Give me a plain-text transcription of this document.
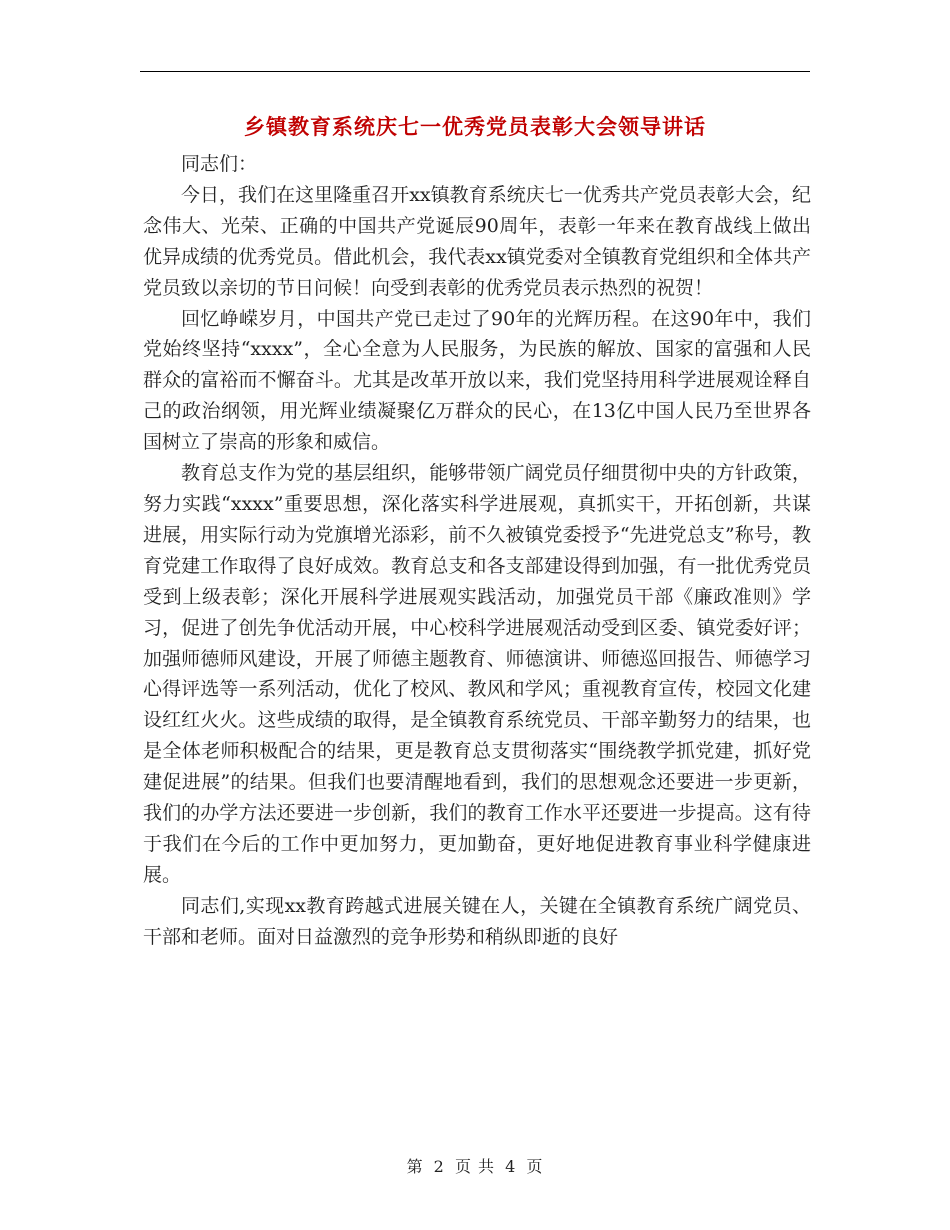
乡镇教育系统庆七一优秀党员表彰大会领导讲话

同志们：

今日，我们在这里隆重召开xx镇教育系统庆七一优秀共产党员表彰大会，纪念伟大、光荣、正确的中国共产党诞辰90周年，表彰一年来在教育战线上做出优异成绩的优秀党员。借此机会，我代表xx镇党委对全镇教育党组织和全体共产党员致以亲切的节日问候！向受到表彰的优秀党员表示热烈的祝贺！

回忆峥嵘岁月，中国共产党已走过了90年的光辉历程。在这90年中，我们党始终坚持“xxxx”，全心全意为人民服务，为民族的解放、国家的富强和人民群众的富裕而不懈奋斗。尤其是改革开放以来，我们党坚持用科学进展观诠释自己的政治纲领，用光辉业绩凝聚亿万群众的民心，在13亿中国人民乃至世界各国树立了崇高的形象和威信。

教育总支作为党的基层组织，能够带领广阔党员仔细贯彻中央的方针政策，努力实践“xxxx”重要思想，深化落实科学进展观，真抓实干，开拓创新，共谋进展，用实际行动为党旗增光添彩，前不久被镇党委授予“先进党总支”称号，教育党建工作取得了良好成效。教育总支和各支部建设得到加强，有一批优秀党员受到上级表彰；深化开展科学进展观实践活动，加强党员干部《廉政准则》学习，促进了创先争优活动开展，中心校科学进展观活动受到区委、镇党委好评；加强师德师风建设，开展了师德主题教育、师德演讲、师德巡回报告、师德学习心得评选等一系列活动，优化了校风、教风和学风；重视教育宣传，校园文化建设红红火火。这些成绩的取得，是全镇教育系统党员、干部辛勤努力的结果，也是全体老师积极配合的结果，更是教育总支贯彻落实“围绕教学抓党建，抓好党建促进展”的结果。但我们也要清醒地看到，我们的思想观念还要进一步更新，我们的办学方法还要进一步创新，我们的教育工作水平还要进一步提高。这有待于我们在今后的工作中更加努力，更加勤奋，更好地促进教育事业科学健康进展。

同志们,实现xx教育跨越式进展关键在人，关键在全镇教育系统广阔党员、干部和老师。面对日益激烈的竞争形势和稍纵即逝的良好

第 2 页 共 4 页
